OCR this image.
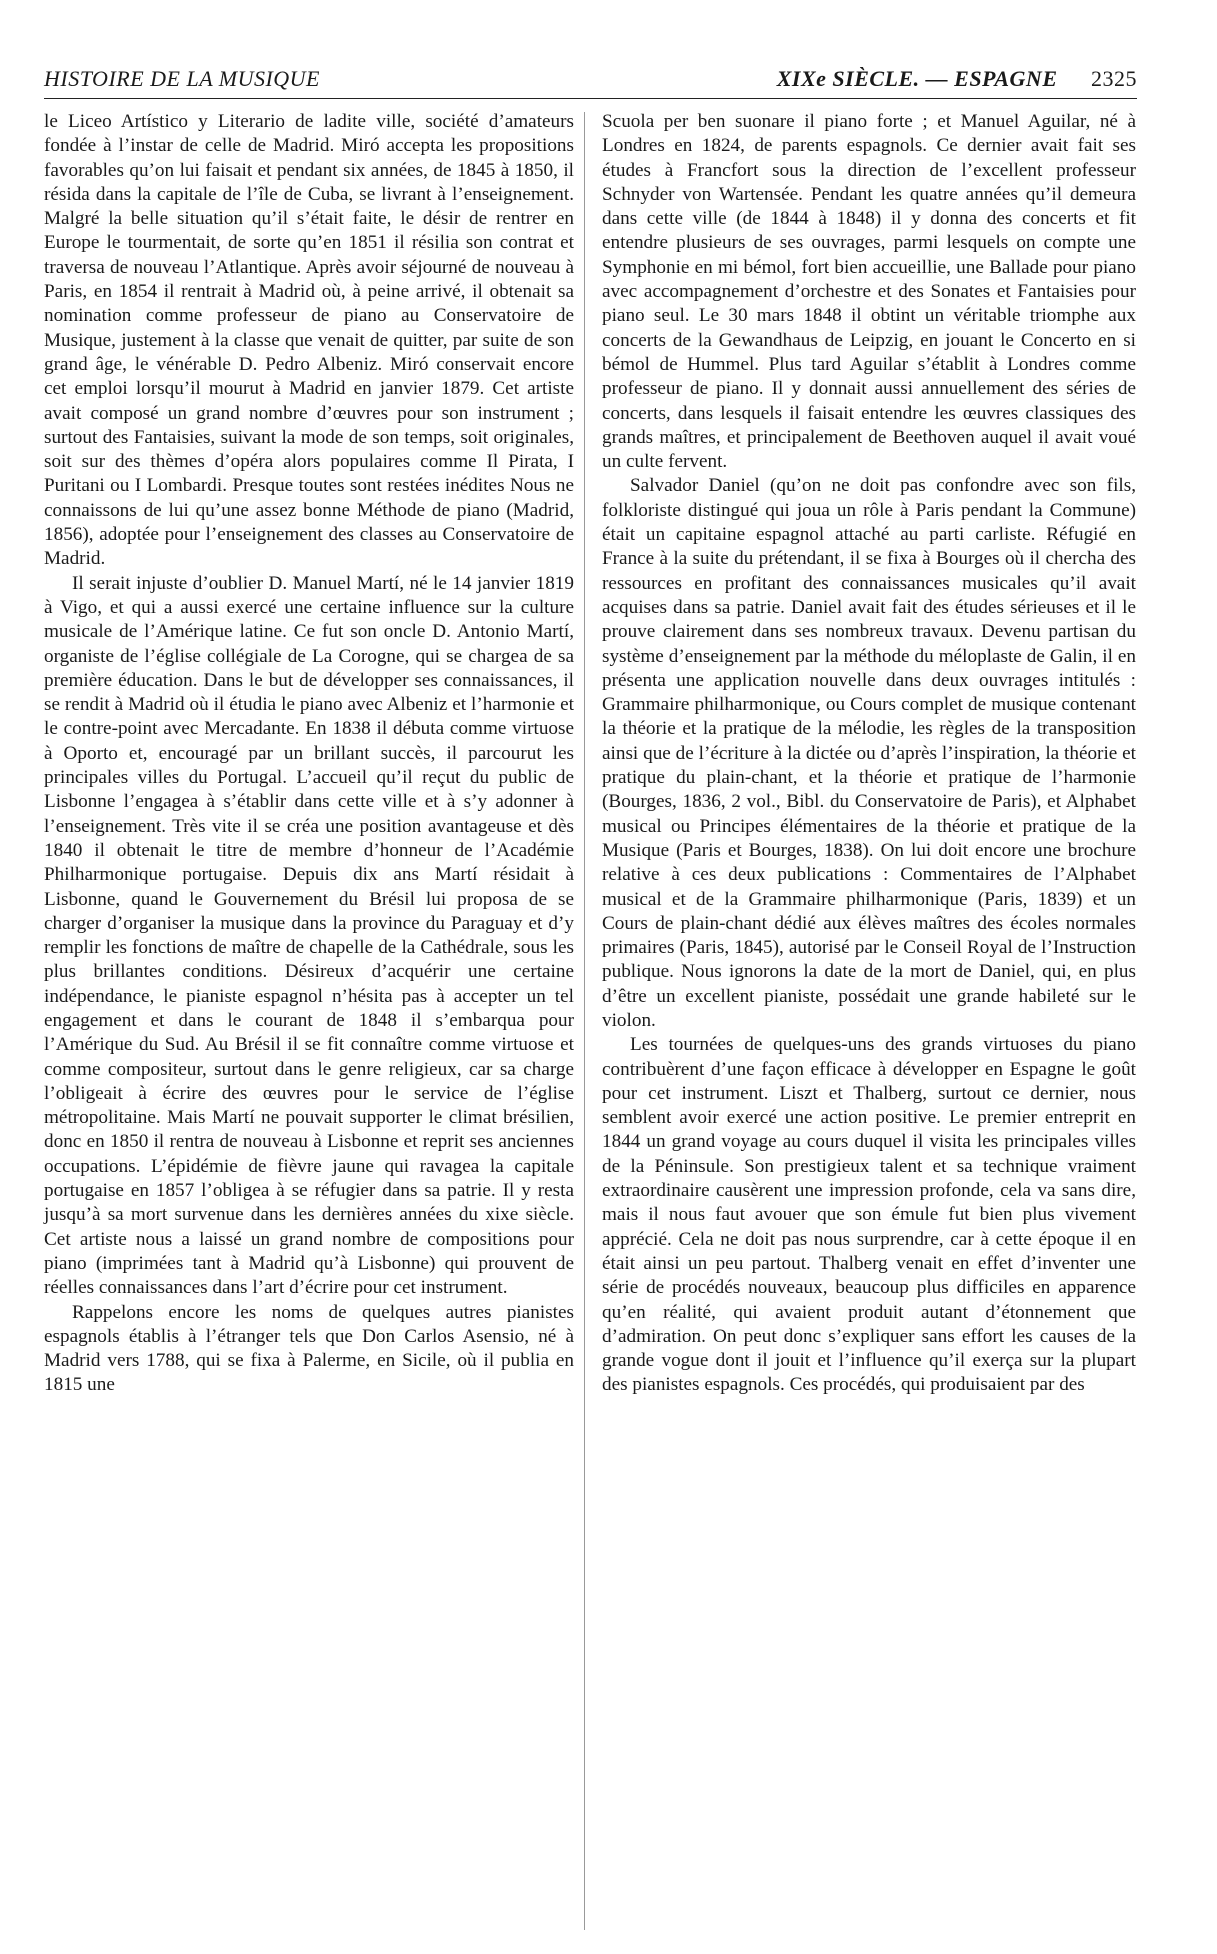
HISTOIRE DE LA MUSIQUE	XIXe SIÈCLE. — ESPAGNE 2325

le Liceo Artístico y Literario de ladite ville, société d’amateurs fondée à l’instar de celle de Madrid. Miró accepta les propositions favorables qu’on lui faisait et pendant six années, de 1845 à 1850, il résida dans la capitale de l’île de Cuba, se livrant à l’enseignement. Malgré la belle situation qu’il s’était faite, le désir de rentrer en Europe le tourmentait, de sorte qu’en 1851 il résilia son contrat et traversa de nouveau l’Atlantique. Après avoir séjourné de nouveau à Paris, en 1854 il rentrait à Madrid où, à peine arrivé, il obtenait sa nomination comme professeur de piano au Conservatoire de Musique, justement à la classe que venait de quitter, par suite de son grand âge, le vénérable D. Pedro Albeniz. Miró conservait encore cet emploi lorsqu’il mourut à Madrid en janvier 1879. Cet artiste avait composé un grand nombre d’œuvres pour son instrument ; surtout des Fantaisies, suivant la mode de son temps, soit originales, soit sur des thèmes d’opéra alors populaires comme Il Pirata, I Puritani ou I Lombardi. Presque toutes sont restées inédites Nous ne connaissons de lui qu’une assez bonne Méthode de piano (Madrid, 1856), adoptée pour l’enseignement des classes au Conservatoire de Madrid.

Il serait injuste d’oublier D. Manuel Martí, né le 14 janvier 1819 à Vigo, et qui a aussi exercé une certaine influence sur la culture musicale de l’Amérique latine. Ce fut son oncle D. Antonio Martí, organiste de l’église collégiale de La Corogne, qui se chargea de sa première éducation. Dans le but de développer ses connaissances, il se rendit à Madrid où il étudia le piano avec Albeniz et l’harmonie et le contre-point avec Mercadante. En 1838 il débuta comme virtuose à Oporto et, encouragé par un brillant succès, il parcourut les principales villes du Portugal. L’accueil qu’il reçut du public de Lisbonne l’engagea à s’établir dans cette ville et à s’y adonner à l’enseignement. Très vite il se créa une position avantageuse et dès 1840 il obtenait le titre de membre d’honneur de l’Académie Philharmonique portugaise. Depuis dix ans Martí résidait à Lisbonne, quand le Gouvernement du Brésil lui proposa de se charger d’organiser la musique dans la province du Paraguay et d’y remplir les fonctions de maître de chapelle de la Cathédrale, sous les plus brillantes conditions. Désireux d’acquérir une certaine indépendance, le pianiste espagnol n’hésita pas à accepter un tel engagement et dans le courant de 1848 il s’embarqua pour l’Amérique du Sud. Au Brésil il se fit connaître comme virtuose et comme compositeur, surtout dans le genre religieux, car sa charge l’obligeait à écrire des œuvres pour le service de l’église métropolitaine. Mais Martí ne pouvait supporter le climat brésilien, donc en 1850 il rentra de nouveau à Lisbonne et reprit ses anciennes occupations. L’épidémie de fièvre jaune qui ravagea la capitale portugaise en 1857 l’obligea à se réfugier dans sa patrie. Il y resta jusqu’à sa mort survenue dans les dernières années du xixe siècle. Cet artiste nous a laissé un grand nombre de compositions pour piano (imprimées tant à Madrid qu’à Lisbonne) qui prouvent de réelles connaissances dans l’art d’écrire pour cet instrument.

Rappelons encore les noms de quelques autres pianistes espagnols établis à l’étranger tels que Don Carlos Asensio, né à Madrid vers 1788, qui se fixa à Palerme, en Sicile, où il publia en 1815 une

Scuola per ben suonare il piano forte ; et Manuel Aguilar, né à Londres en 1824, de parents espagnols. Ce dernier avait fait ses études à Francfort sous la direction de l’excellent professeur Schnyder von Wartensée. Pendant les quatre années qu’il demeura dans cette ville (de 1844 à 1848) il y donna des concerts et fit entendre plusieurs de ses ouvrages, parmi lesquels on compte une Symphonie en mi bémol, fort bien accueillie, une Ballade pour piano avec accompagnement d’orchestre et des Sonates et Fantaisies pour piano seul. Le 30 mars 1848 il obtint un véritable triomphe aux concerts de la Gewandhaus de Leipzig, en jouant le Concerto en si bémol de Hummel. Plus tard Aguilar s’établit à Londres comme professeur de piano. Il y donnait aussi annuellement des séries de concerts, dans lesquels il faisait entendre les œuvres classiques des grands maîtres, et principalement de Beethoven auquel il avait voué un culte fervent.

Salvador Daniel (qu’on ne doit pas confondre avec son fils, folkloriste distingué qui joua un rôle à Paris pendant la Commune) était un capitaine espagnol attaché au parti carliste. Réfugié en France à la suite du prétendant, il se fixa à Bourges où il chercha des ressources en profitant des connaissances musicales qu’il avait acquises dans sa patrie. Daniel avait fait des études sérieuses et il le prouve clairement dans ses nombreux travaux. Devenu partisan du système d’enseignement par la méthode du méloplaste de Galin, il en présenta une application nouvelle dans deux ouvrages intitulés : Grammaire philharmonique, ou Cours complet de musique contenant la théorie et la pratique de la mélodie, les règles de la transposition ainsi que de l’écriture à la dictée ou d’après l’inspiration, la théorie et pratique du plain-chant, et la théorie et pratique de l’harmonie (Bourges, 1836, 2 vol., Bibl. du Conservatoire de Paris), et Alphabet musical ou Principes élémentaires de la théorie et pratique de la Musique (Paris et Bourges, 1838). On lui doit encore une brochure relative à ces deux publications : Commentaires de l’Alphabet musical et de la Grammaire philharmonique (Paris, 1839) et un Cours de plain-chant dédié aux élèves maîtres des écoles normales primaires (Paris, 1845), autorisé par le Conseil Royal de l’Instruction publique. Nous ignorons la date de la mort de Daniel, qui, en plus d’être un excellent pianiste, possédait une grande habileté sur le violon.

Les tournées de quelques-uns des grands virtuoses du piano contribuèrent d’une façon efficace à développer en Espagne le goût pour cet instrument. Liszt et Thalberg, surtout ce dernier, nous semblent avoir exercé une action positive. Le premier entreprit en 1844 un grand voyage au cours duquel il visita les principales villes de la Péninsule. Son prestigieux talent et sa technique vraiment extraordinaire causèrent une impression profonde, cela va sans dire, mais il nous faut avouer que son émule fut bien plus vivement apprécié. Cela ne doit pas nous surprendre, car à cette époque il en était ainsi un peu partout. Thalberg venait en effet d’inventer une série de procédés nouveaux, beaucoup plus difficiles en apparence qu’en réalité, qui avaient produit autant d’étonnement que d’admiration. On peut donc s’expliquer sans effort les causes de la grande vogue dont il jouit et l’influence qu’il exerça sur la plupart des pianistes espagnols. Ces procédés, qui produisaient par des
